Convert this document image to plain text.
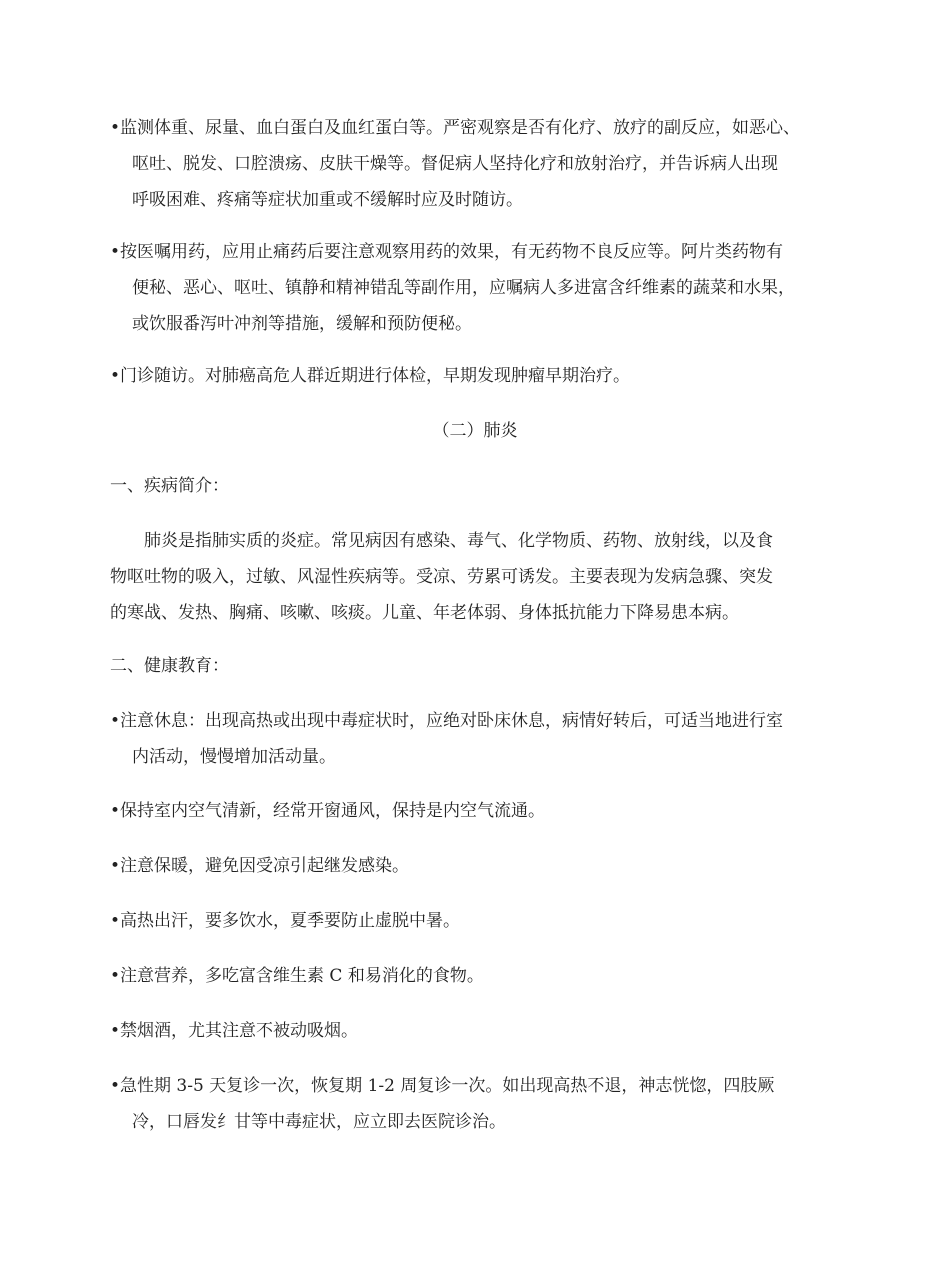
•监测体重、尿量、血白蛋白及血红蛋白等。严密观察是否有化疗、放疗的副反应，如恶心、
呕吐、脱发、口腔溃疡、皮肤干燥等。督促病人坚持化疗和放射治疗，并告诉病人出现
呼吸困难、疼痛等症状加重或不缓解时应及时随访。
•按医嘱用药，应用止痛药后要注意观察用药的效果，有无药物不良反应等。阿片类药物有
便秘、恶心、呕吐、镇静和精神错乱等副作用，应嘱病人多进富含纤维素的蔬菜和水果，
或饮服番泻叶冲剂等措施，缓解和预防便秘。
•门诊随访。对肺癌高危人群近期进行体检，早期发现肿瘤早期治疗。
（二）肺炎
一、疾病简介：
肺炎是指肺实质的炎症。常见病因有感染、毒气、化学物质、药物、放射线，以及食
物呕吐物的吸入，过敏、风湿性疾病等。受凉、劳累可诱发。主要表现为发病急骤、突发
的寒战、发热、胸痛、咳嗽、咳痰。儿童、年老体弱、身体抵抗能力下降易患本病。
二、健康教育：
•注意休息：出现高热或出现中毒症状时，应绝对卧床休息，病情好转后，可适当地进行室
内活动，慢慢增加活动量。
•保持室内空气清新，经常开窗通风，保持是内空气流通。
•注意保暖，避免因受凉引起继发感染。
•高热出汗，要多饮水，夏季要防止虚脱中暑。
•注意营养，多吃富含维生素 C 和易消化的食物。
•禁烟酒，尤其注意不被动吸烟。
•急性期 3-5 天复诊一次，恢复期 1-2 周复诊一次。如出现高热不退，神志恍惚，四肢厥
冷，口唇发纟甘等中毒症状，应立即去医院诊治。
